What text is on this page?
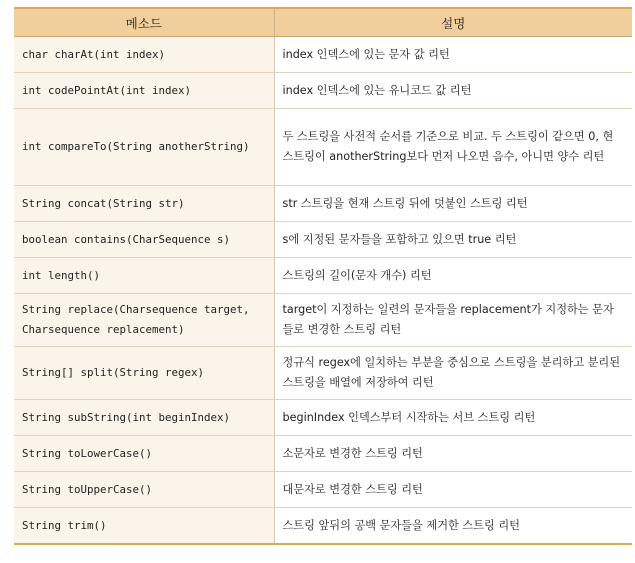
메소드	설명
char charAt(int index)	index 인덱스에 있는 문자 값 리턴
int codePointAt(int index)	index 인덱스에 있는 유니코드 값 리턴
int compareTo(String anotherString)	두 스트링을 사전적 순서를 기준으로 비교. 두 스트링이 같으면 0, 현 스트링이 anotherString보다 먼저 나오면 음수, 아니면 양수 리턴
String concat(String str)	str 스트링을 현재 스트링 뒤에 덧붙인 스트링 리턴
boolean contains(CharSequence s)	s에 지정된 문자들을 포함하고 있으면 true 리턴
int length()	스트링의 길이(문자 개수) 리턴
String replace(Charsequence target, Charsequence replacement)	target이 지정하는 일련의 문자들을 replacement가 지정하는 문자들로 변경한 스트링 리턴
String[] split(String regex)	정규식 regex에 일치하는 부분을 중심으로 스트링을 분리하고 분리된 스트링을 배열에 저장하여 리턴
String subString(int beginIndex)	beginIndex 인덱스부터 시작하는 서브 스트링 리턴
String toLowerCase()	소문자로 변경한 스트링 리턴
String toUpperCase()	대문자로 변경한 스트링 리턴
String trim()	스트링 앞뒤의 공백 문자들을 제거한 스트링 리턴
